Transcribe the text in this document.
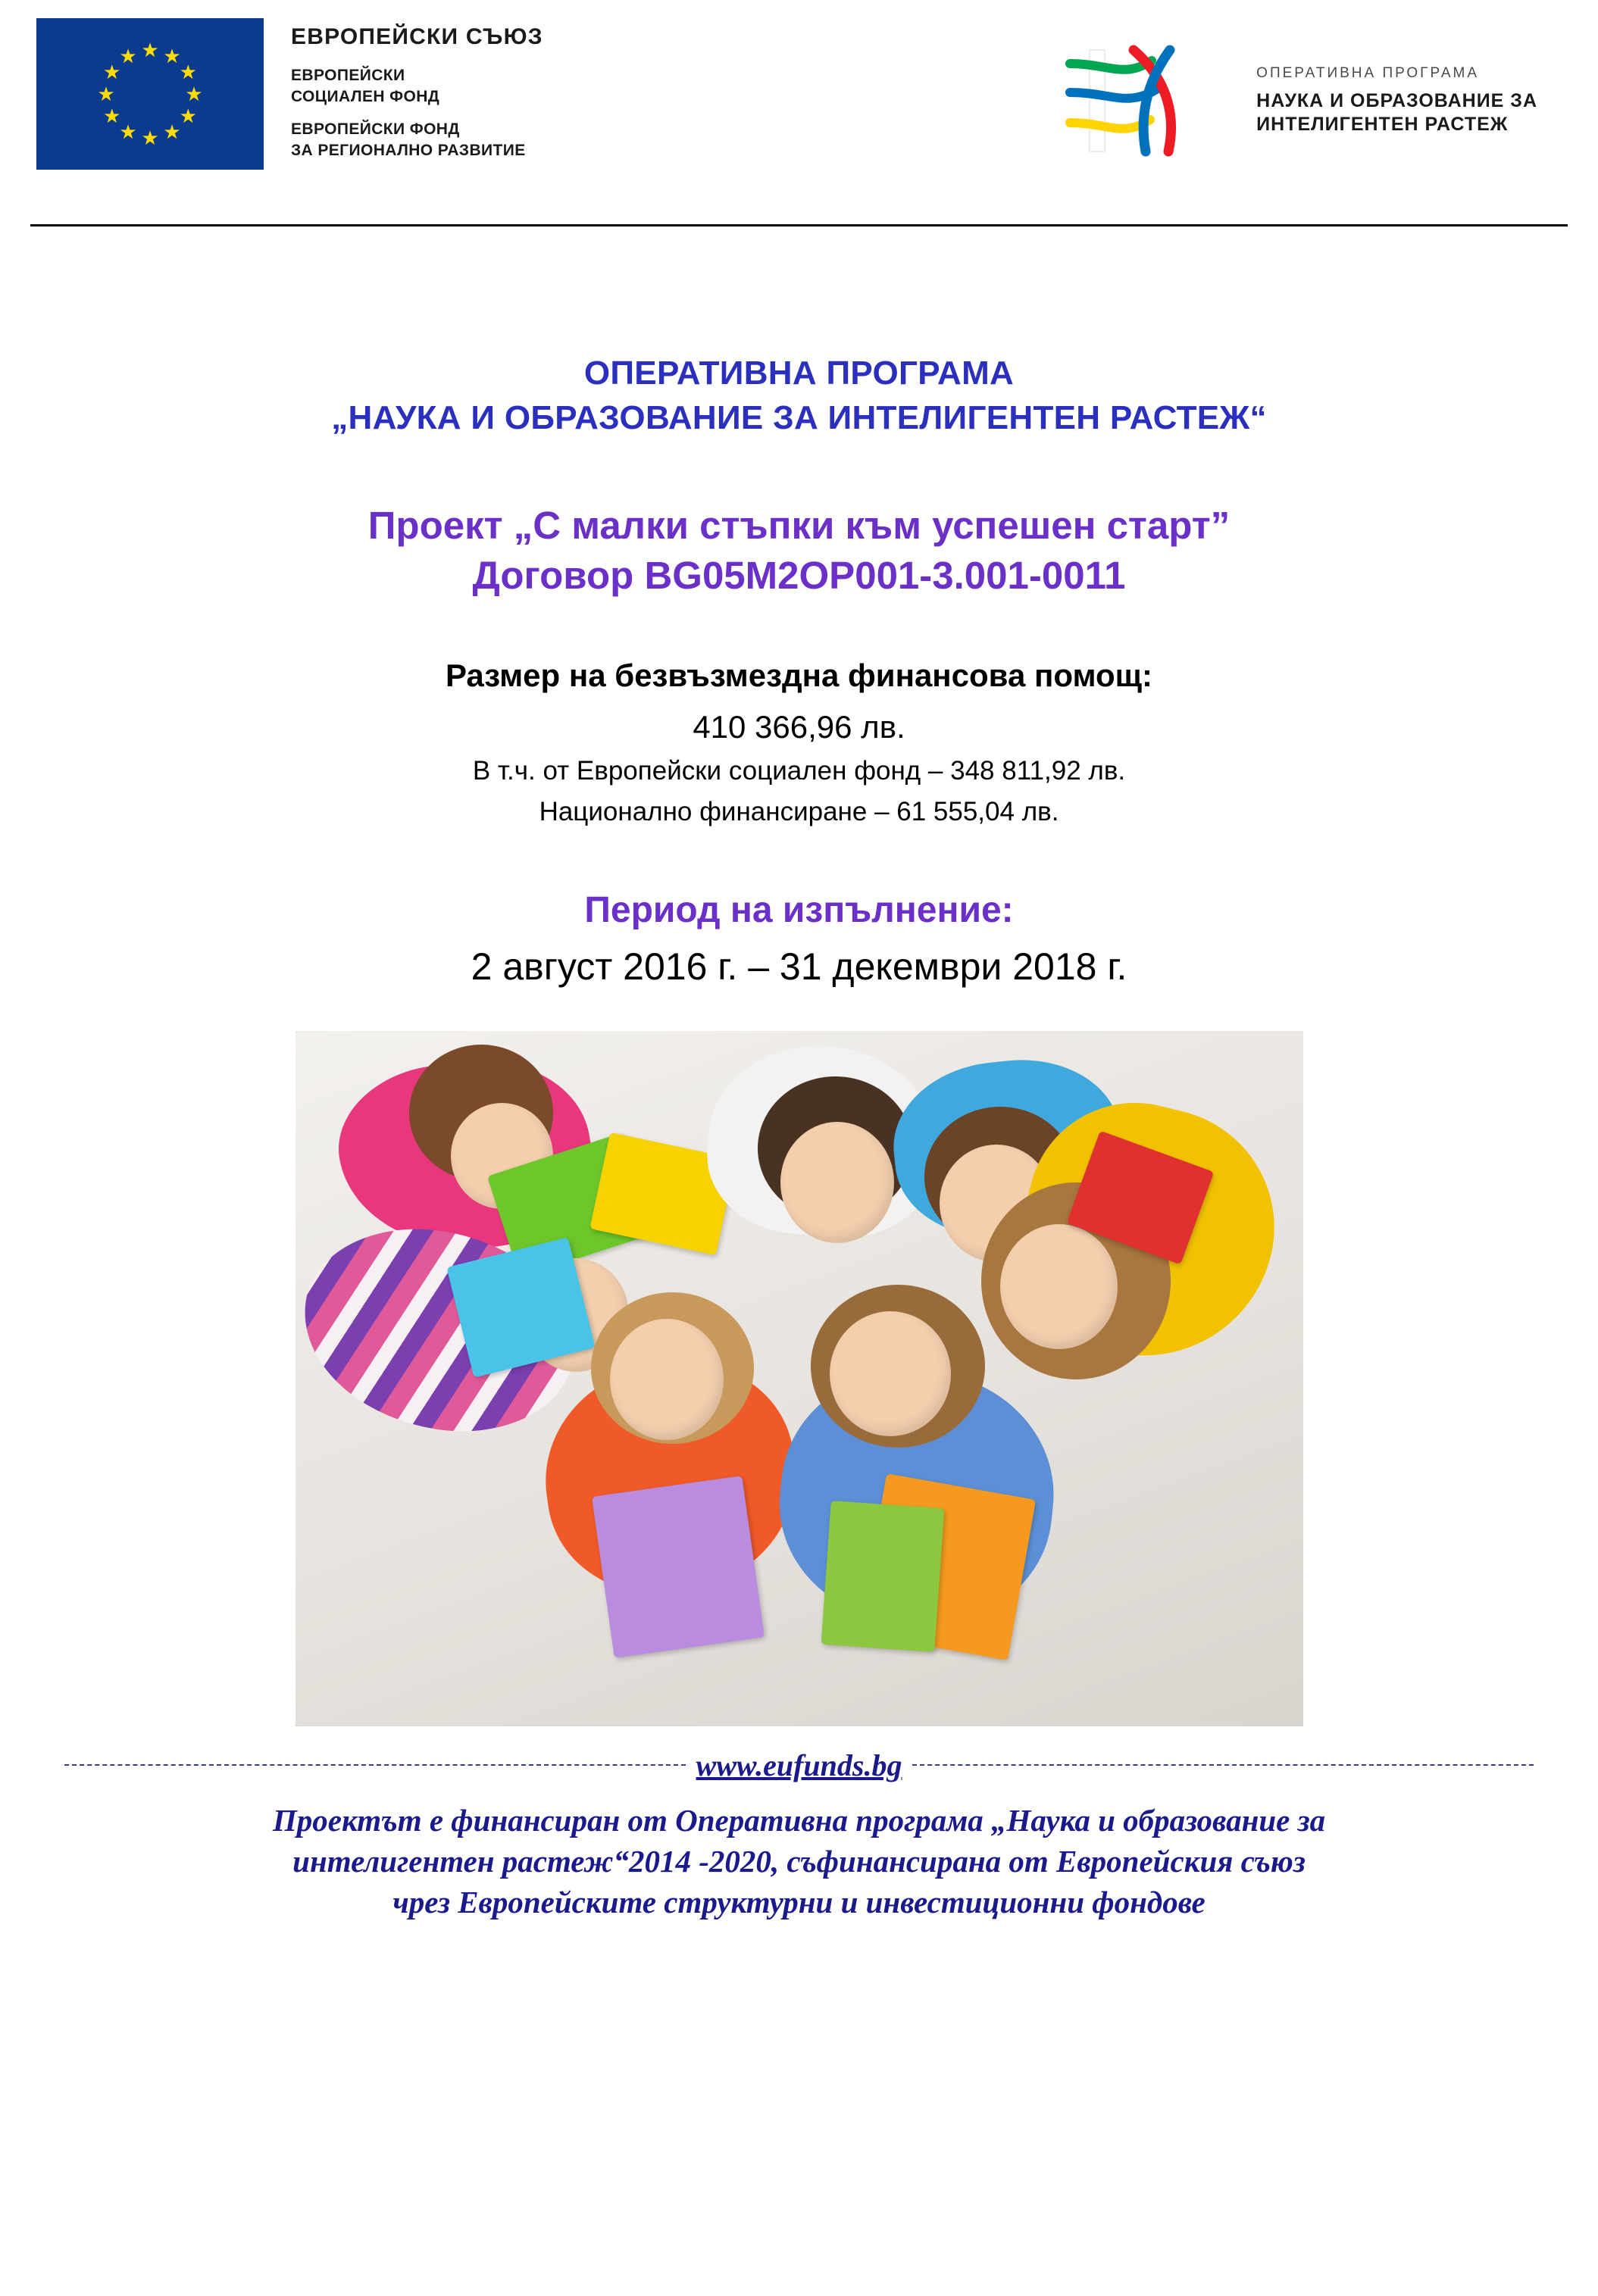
ЕВРОПЕЙСКИ СЪЮЗ
ЕВРОПЕЙСКИ
СОЦИАЛЕН ФОНД
ЕВРОПЕЙСКИ ФОНД
ЗА РЕГИОНАЛНО РАЗВИТИЕ
ОПЕРАТИВНА ПРОГРАМА
НАУКА И ОБРАЗОВАНИЕ ЗА
ИНТЕЛИГЕНТЕН РАСТЕЖ
ОПЕРАТИВНА ПРОГРАМА
„НАУКА И ОБРАЗОВАНИЕ ЗА ИНТЕЛИГЕНТЕН РАСТЕЖ“
Проект „С малки стъпки към успешен старт”
Договор BG05M2OP001-3.001-0011
Размер на безвъзмездна финансова помощ:
410 366,96 лв.
В т.ч. от Европейски социален фонд – 348 811,92 лв.
Национално финансиране – 61 555,04 лв.
Период на изпълнение:
2 август 2016 г. – 31 декември 2018 г.
www.eufunds.bg
Проектът е финансиран от Оперативна програма „Наука и образование за
интелигентен растеж“2014 -2020, съфинансирана от Европейския съюз
чрез Европейските структурни и инвестиционни фондове
